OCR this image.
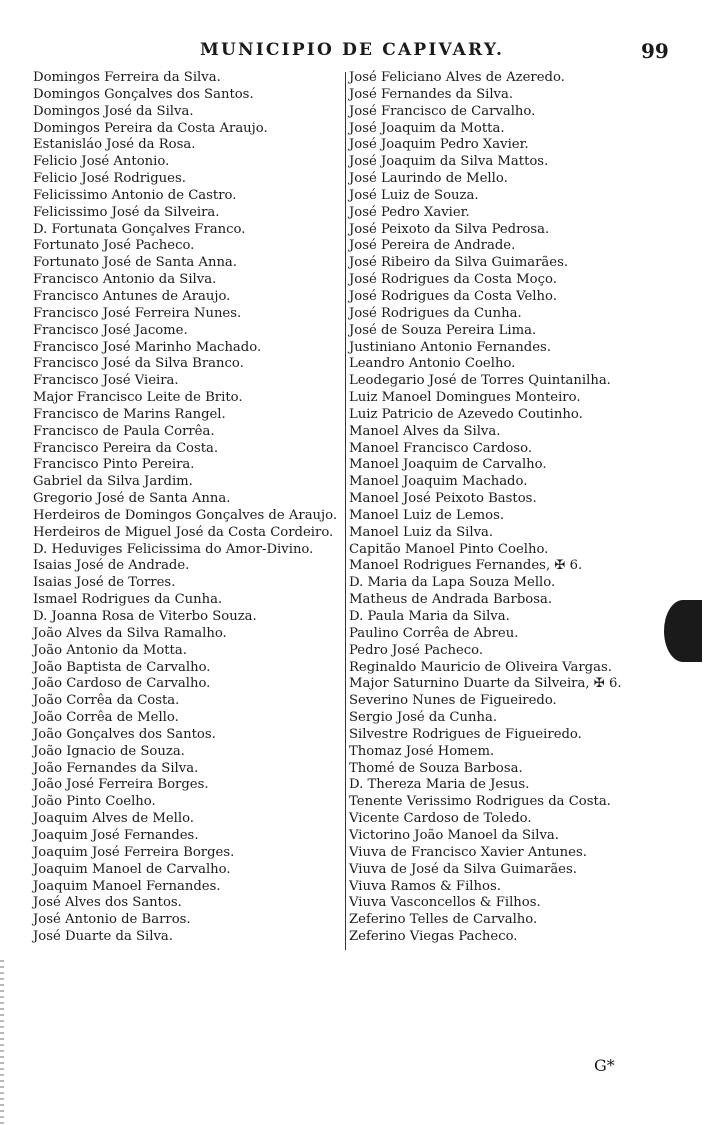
MUNICIPIO DE CAPIVARY.	99
Domingos Ferreira da Silva.
Domingos Gonçalves dos Santos.
Domingos José da Silva.
Domingos Pereira da Costa Araujo.
Estanisláo José da Rosa.
Felicio José Antonio.
Felicio José Rodrigues.
Felicissimo Antonio de Castro.
Felicissimo José da Silveira.
D. Fortunata Gonçalves Franco.
Fortunato José Pacheco.
Fortunato José de Santa Anna.
Francisco Antonio da Silva.
Francisco Antunes de Araujo.
Francisco José Ferreira Nunes.
Francisco José Jacome.
Francisco José Marinho Machado.
Francisco José da Silva Branco.
Francisco José Vieira.
Major Francisco Leite de Brito.
Francisco de Marins Rangel.
Francisco de Paula Corrêa.
Francisco Pereira da Costa.
Francisco Pinto Pereira.
Gabriel da Silva Jardim.
Gregorio José de Santa Anna.
Herdeiros de Domingos Gonçalves de Araujo.
Herdeiros de Miguel José da Costa Cordeiro.
D. Heduviges Felicissima do Amor-Divino.
Isaias José de Andrade.
Isaias José de Torres.
Ismael Rodrigues da Cunha.
D. Joanna Rosa de Viterbo Souza.
João Alves da Silva Ramalho.
João Antonio da Motta.
João Baptista de Carvalho.
João Cardoso de Carvalho.
João Corrêa da Costa.
João Corrêa de Mello.
João Gonçalves dos Santos.
João Ignacio de Souza.
João Fernandes da Silva.
João José Ferreira Borges.
João Pinto Coelho.
Joaquim Alves de Mello.
Joaquim José Fernandes.
Joaquim José Ferreira Borges.
Joaquim Manoel de Carvalho.
Joaquim Manoel Fernandes.
José Alves dos Santos.
José Antonio de Barros.
José Duarte da Silva.
José Feliciano Alves de Azeredo.
José Fernandes da Silva.
José Francisco de Carvalho.
José Joaquim da Motta.
José Joaquim Pedro Xavier.
José Joaquim da Silva Mattos.
José Laurindo de Mello.
José Luiz de Souza.
José Pedro Xavier.
José Peixoto da Silva Pedrosa.
José Pereira de Andrade.
José Ribeiro da Silva Guimarães.
José Rodrigues da Costa Moço.
José Rodrigues da Costa Velho.
José Rodrigues da Cunha.
José de Souza Pereira Lima.
Justiniano Antonio Fernandes.
Leandro Antonio Coelho.
Leodegario José de Torres Quintanilha.
Luiz Manoel Domingues Monteiro.
Luiz Patricio de Azevedo Coutinho.
Manoel Alves da Silva.
Manoel Francisco Cardoso.
Manoel Joaquim de Carvalho.
Manoel Joaquim Machado.
Manoel José Peixoto Bastos.
Manoel Luiz de Lemos.
Manoel Luiz da Silva.
Capitão Manoel Pinto Coelho.
Manoel Rodrigues Fernandes, ✠ 6.
D. Maria da Lapa Souza Mello.
Matheus de Andrada Barbosa.
D. Paula Maria da Silva.
Paulino Corrêa de Abreu.
Pedro José Pacheco.
Reginaldo Mauricio de Oliveira Vargas.
Major Saturnino Duarte da Silveira, ✠ 6.
Severino Nunes de Figueiredo.
Sergio José da Cunha.
Silvestre Rodrigues de Figueiredo.
Thomaz José Homem.
Thomé de Souza Barbosa.
D. Thereza Maria de Jesus.
Tenente Verissimo Rodrigues da Costa.
Vicente Cardoso de Toledo.
Victorino João Manoel da Silva.
Viuva de Francisco Xavier Antunes.
Viuva de José da Silva Guimarães.
Viuva Ramos & Filhos.
Viuva Vasconcellos & Filhos.
Zeferino Telles de Carvalho.
Zeferino Viegas Pacheco.
G*
